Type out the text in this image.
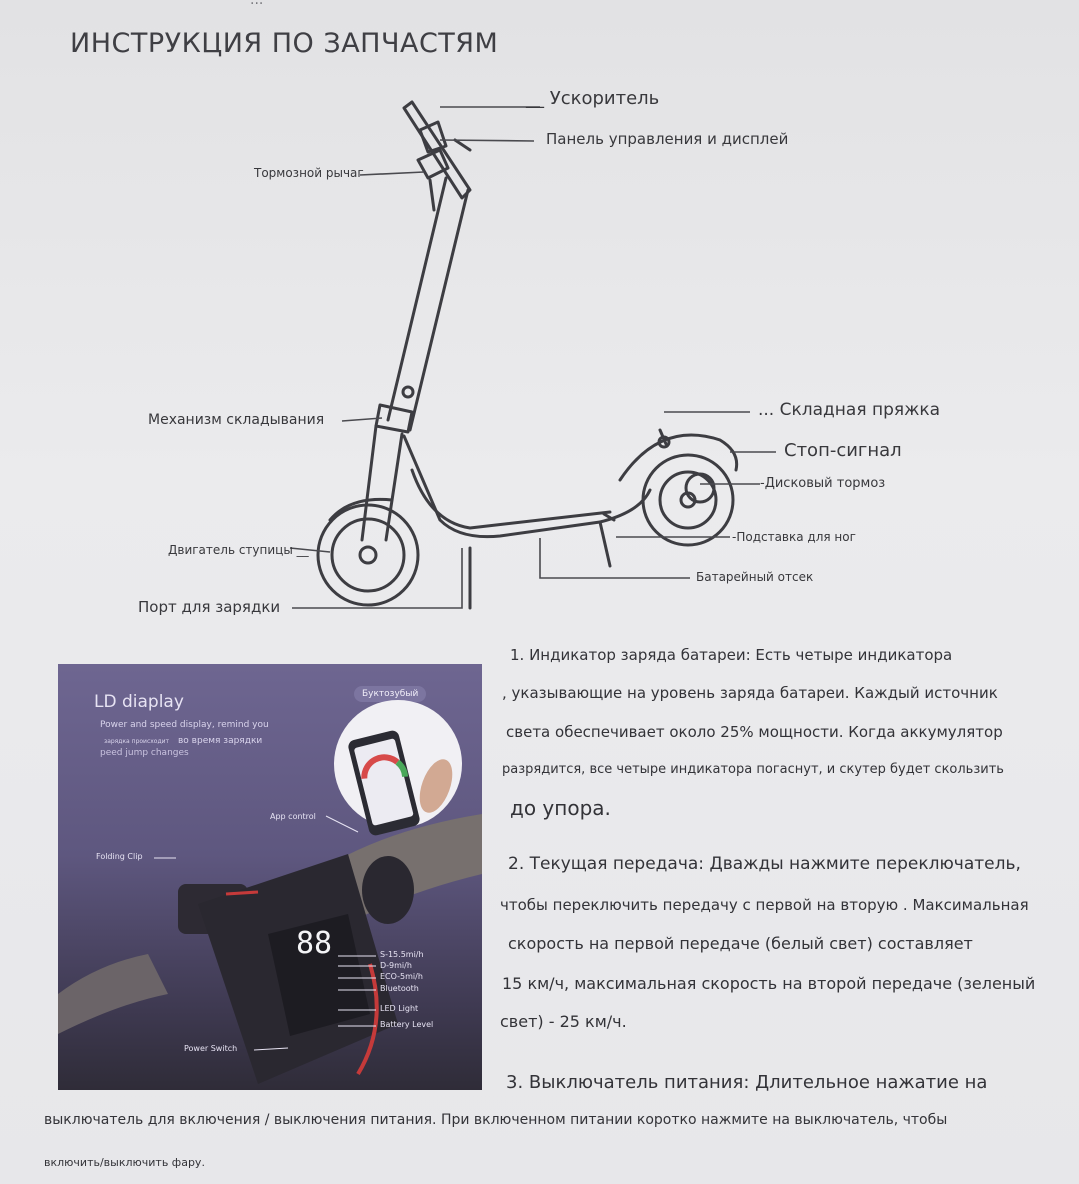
...
ИНСТРУКЦИЯ ПО ЗАПЧАСТЯМ
__ Ускоритель
Панель управления и дисплей
Тормозной рычаг
Механизм складывания	... Складная пряжка
Стоп-сигнал
-Дисковый тормоз
-Подставка для ног
Батарейный отсек
Двигатель ступицы __
Порт для зарядки
LD diaplay	Буктозубый
Power and speed display, remind you
зарядка происходит во время зарядки
peed jump changes
88
App control
Folding Clip
S-15.5mi/h
D-9mi/h
ECO-5mi/h
Bluetooth
LED Light
Battery Level
Power Switch
1. Индикатор заряда батареи: Есть четыре индикатора
, указывающие на уровень заряда батареи. Каждый источник
света обеспечивает около 25% мощности. Когда аккумулятор
разрядится, все четыре индикатора погаснут, и скутер будет скользить
до упора.
2. Текущая передача: Дважды нажмите переключатель,
чтобы переключить передачу с первой на вторую . Максимальная
скорость на первой передаче (белый свет) составляет
15 км/ч, максимальная скорость на второй передаче (зеленый
свет) - 25 км/ч.
3. Выключатель питания: Длительное нажатие на
выключатель для включения / выключения питания. При включенном питании коротко нажмите на выключатель, чтобы
включить/выключить фару.
